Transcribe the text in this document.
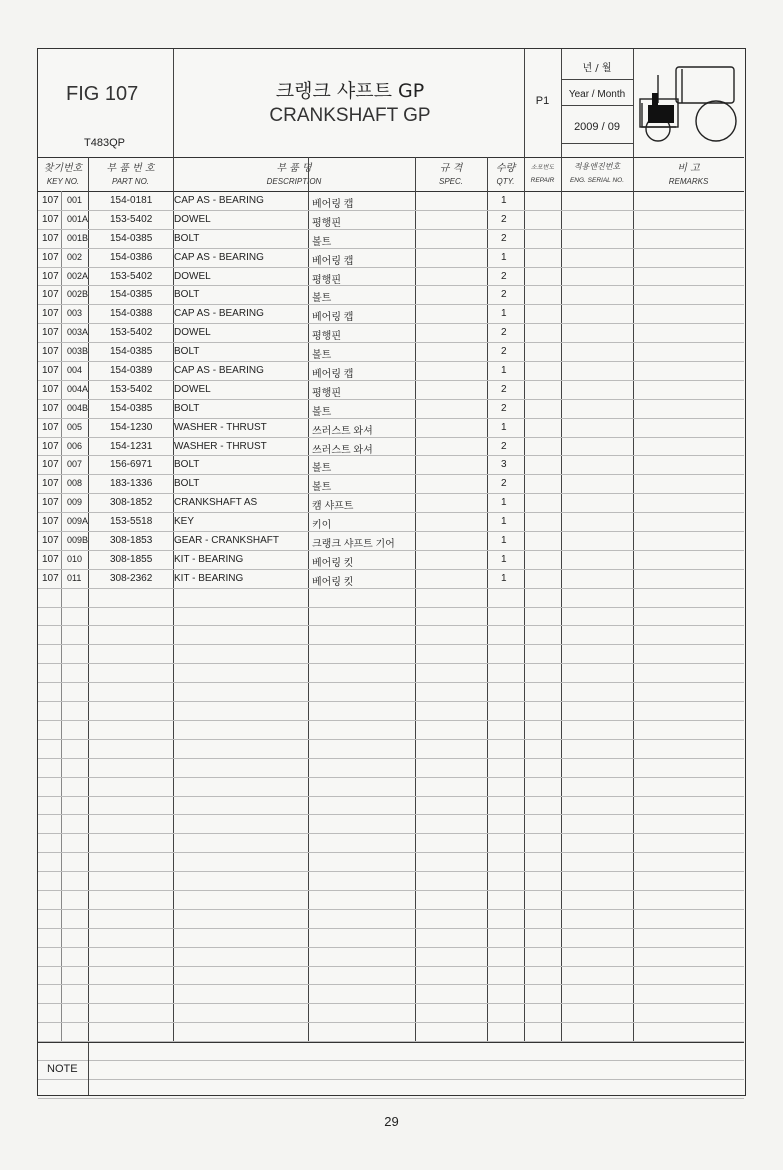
FIG 107
T483QP
크랭크 샤프트 GP
CRANKSHAFT GP
P1
년 / 월
Year / Month
2009 / 09
찾기번호
KEY NO.
부 품 번 호
PART NO.
부 품 명
DESCRIPTION
규 격
SPEC.
수량
QTY.
소모번도
REPAIR
적용엔진번호
ENG. SERIAL NO.
비 고
REMARKS
107 001	154-0181 CAP AS - BEARING	베어링 캡	1
107 001A 153-5402 DOWEL	평행핀	2
107 001B 154-0385 BOLT	볼트	2
107 002	154-0386 CAP AS - BEARING	베어링 캡	1
107 002A 153-5402 DOWEL	평행핀	2
107 002B 154-0385 BOLT	볼트	2
107 003	154-0388 CAP AS - BEARING	베어링 캡	1
107 003A 153-5402 DOWEL	평행핀	2
107 003B 154-0385 BOLT	볼트	2
107 004	154-0389 CAP AS - BEARING	베어링 캡	1
107 004A 153-5402 DOWEL	평행핀	2
107 004B 154-0385 BOLT	볼트	2
107 005	154-1230 WASHER - THRUST	쓰러스트 와셔	1
107 006	154-1231 WASHER - THRUST	쓰러스트 와셔	2
107 007	156-6971 BOLT	볼트	3
107 008	183-1336 BOLT	볼트	2
107 009	308-1852 CRANKSHAFT AS	캠 샤프트	1
107 009A 153-5518 KEY	키이	1
107 009B 308-1853 GEAR - CRANKSHAFT	크랭크 샤프트 기어	1
107 010	308-1855 KIT - BEARING	베어링 킷	1
107 011	308-2362 KIT - BEARING	베어링 킷	1
NOTE
29
